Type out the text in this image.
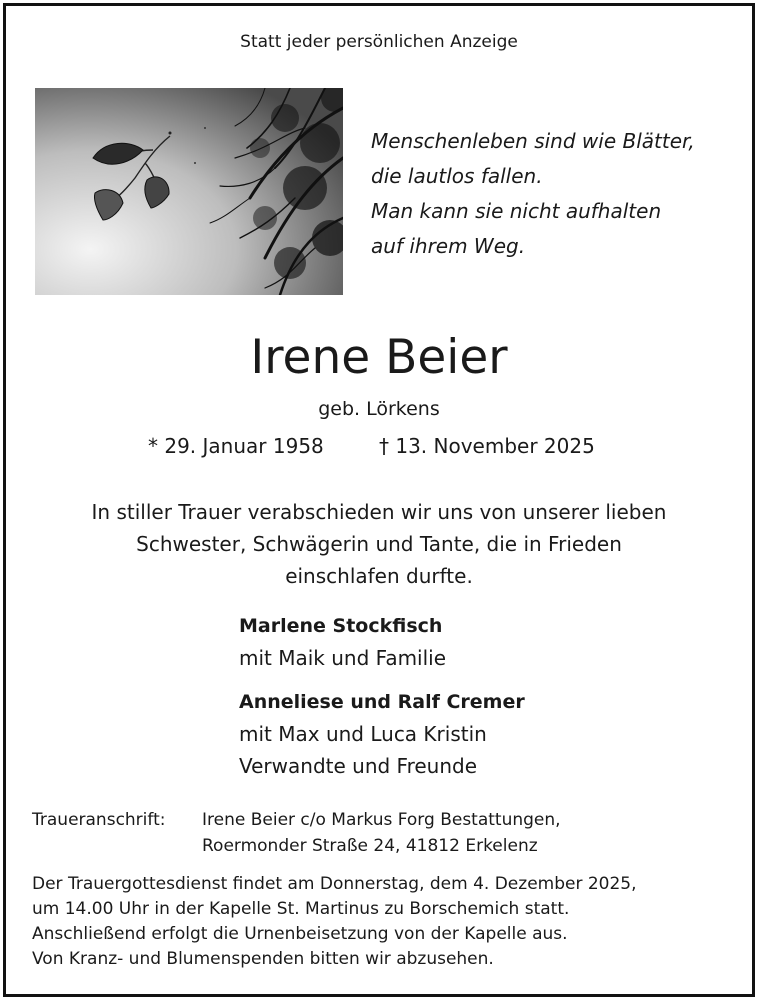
Statt jeder persönlichen Anzeige
Menschenleben sind wie Blätter,
die lautlos fallen.
Man kann sie nicht aufhalten
auf ihrem Weg.
Irene Beier
geb. Lörkens
* 29. Januar 1958	† 13. November 2025
In stiller Trauer verabschieden wir uns von unserer lieben
Schwester, Schwägerin und Tante, die in Frieden
einschlafen durfte.
Marlene Stockfisch
mit Maik und Familie
Anneliese und Ralf Cremer
mit Max und Luca Kristin
Verwandte und Freunde
Traueranschrift: Irene Beier c/o Markus Forg Bestattungen,
Roermonder Straße 24, 41812 Erkelenz
Der Trauergottesdienst findet am Donnerstag, dem 4. Dezember 2025,
um 14.00 Uhr in der Kapelle St. Martinus zu Borschemich statt.
Anschließend erfolgt die Urnenbeisetzung von der Kapelle aus.
Von Kranz- und Blumenspenden bitten wir abzusehen.
